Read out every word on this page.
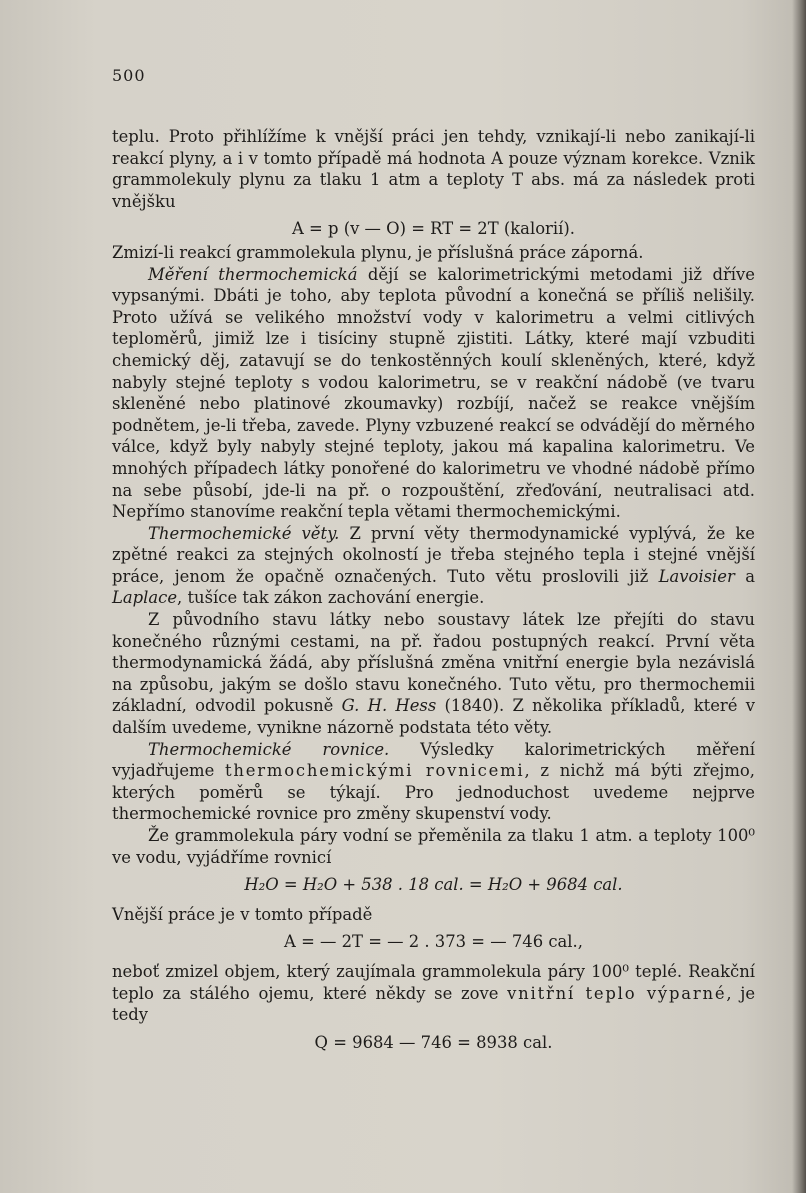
500

teplu. Proto přihlížíme k vnější práci jen tehdy, vznikají-li nebo zanikají-li reakcí plyny, a i v tomto případě má hodnota A pouze význam korekce. Vznik grammolekuly plynu za tlaku 1 atm a teploty T abs. má za následek proti vnějšku

A = p (v — O) = RT = 2T (kalorií).

Zmizí-li reakcí grammolekula plynu, je příslušná práce záporná.

Měření thermochemická dějí se kalorimetrickými metodami již dříve vypsanými. Dbáti je toho, aby teplota původní a konečná se příliš nelišily. Proto užívá se velikého množství vody v kalorimetru a velmi citlivých teploměrů, jimiž lze i tisíciny stupně zjistiti. Látky, které mají vzbuditi chemický děj, zatavují se do tenkostěnných koulí skleněných, které, když nabyly stejné teploty s vodou kalorimetru, se v reakční nádobě (ve tvaru skleněné nebo platinové zkoumavky) rozbíjí, načež se reakce vnějším podnětem, je-li třeba, zavede. Plyny vzbuzené reakcí se odvádějí do měrného válce, když byly nabyly stejné teploty, jakou má kapalina kalorimetru. Ve mnohých případech látky ponořené do kalorimetru ve vhodné nádobě přímo na sebe působí, jde-li na př. o rozpouštění, zřeďování, neutralisaci atd. Nepřímo stanovíme reakční tepla větami thermochemickými.

Thermochemické věty. Z první věty thermodynamické vyplývá, že ke zpětné reakci za stejných okolností je třeba stejného tepla i stejné vnější práce, jenom že opačně označených. Tuto větu proslovili již Lavoisier a Laplace, tušíce tak zákon zachování energie.

Z původního stavu látky nebo soustavy látek lze přejíti do stavu konečného různými cestami, na př. řadou postupných reakcí. První věta thermodynamická žádá, aby příslušná změna vnitřní energie byla nezávislá na způsobu, jakým se došlo stavu konečného. Tuto větu, pro thermochemii základní, odvodil pokusně G. H. Hess (1840). Z několika příkladů, které v dalším uvedeme, vynikne názorně podstata této věty.

Thermochemické rovnice. Výsledky kalorimetrických měření vyjadřujeme thermochemickými rovnicemi, z nichž má býti zřejmo, kterých poměrů se týkají. Pro jednoduchost uvedeme nejprve thermochemické rovnice pro změny skupenství vody.

Že grammolekula páry vodní se přeměnila za tlaku 1 atm. a teploty 100⁰ ve vodu, vyjádříme rovnicí

H₂O = H₂O + 538 . 18 cal. = H₂O + 9684 cal.

Vnější práce je v tomto případě

A = — 2T = — 2 . 373 = — 746 cal.,

neboť zmizel objem, který zaujímala grammolekula páry 100⁰ teplé. Reakční teplo za stálého ojemu, které někdy se zove vnitřní teplo výparné, je tedy

Q = 9684 — 746 = 8938 cal.
